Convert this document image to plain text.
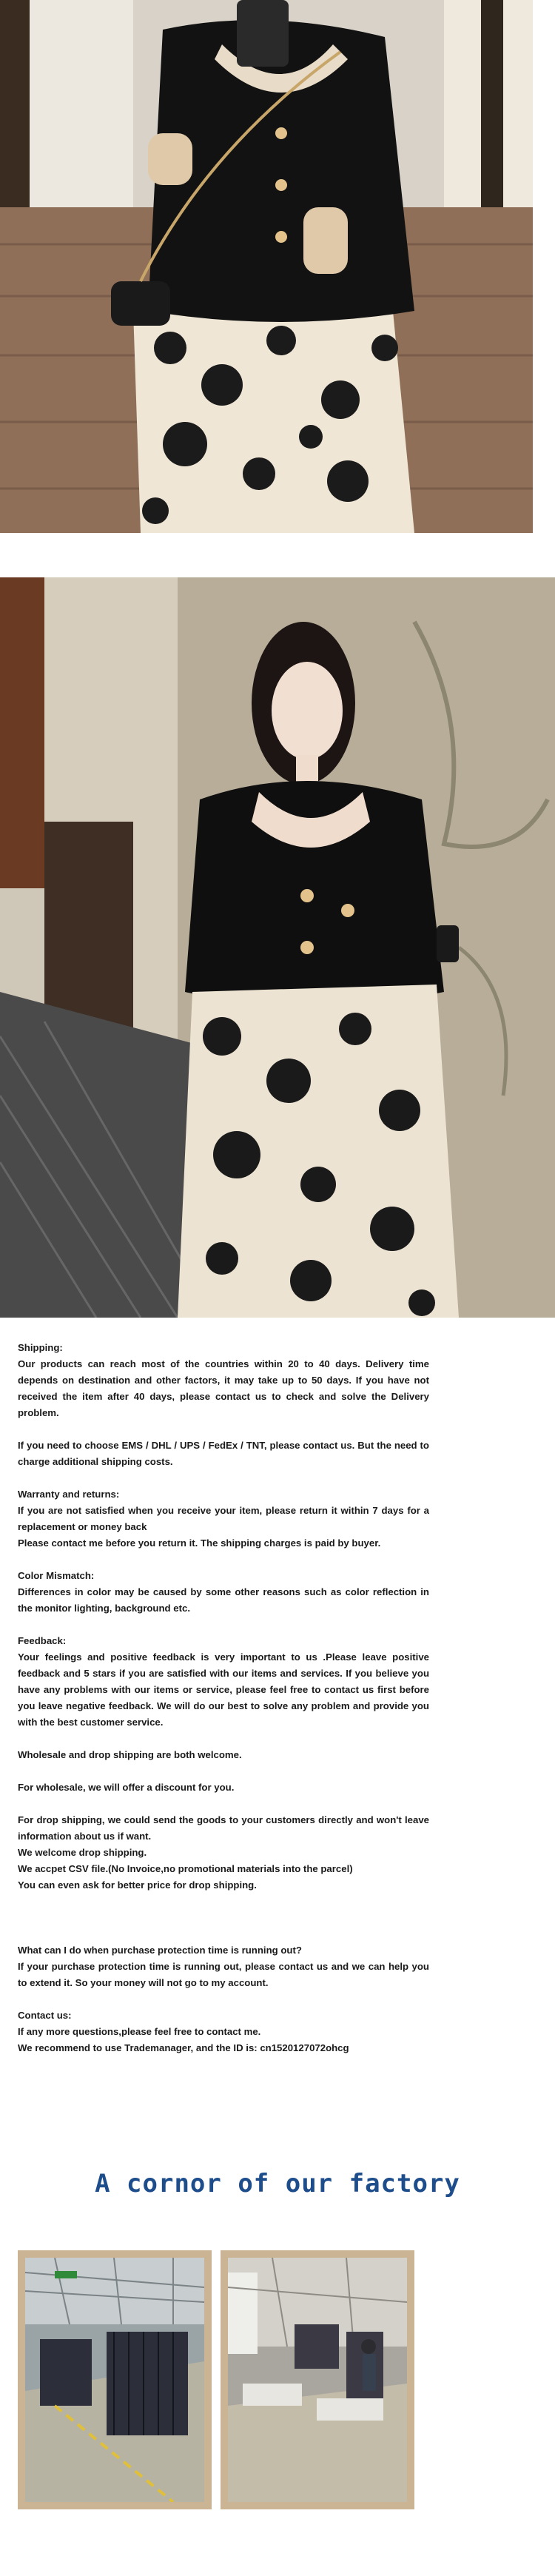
Shipping:

Our products can reach most of the countries within 20 to 40 days. Delivery time depends on destination and other factors, it may take up to 50 days. If you have not received the item after 40 days, please contact us to check and solve the Delivery problem.

If you need to choose EMS / DHL / UPS / FedEx / TNT, please contact us. But the need to charge additional shipping costs.

Warranty and returns:

If you are not satisfied when you receive your item, please return it within 7 days for a replacement or money back

Please contact me before you return it. The shipping charges is paid by buyer.

Color Mismatch:

Differences in color may be caused by some other reasons such as color reflection in the monitor lighting, background etc.

Feedback:

Your feelings and positive feedback is very important to us .Please leave positive feedback and 5 stars if you are satisfied with our items and services. If you believe you have any problems with our items or service, please feel free to contact us first before you leave negative feedback. We will do our best to solve any problem and provide you with the best customer service.

Wholesale and drop shipping are both welcome.

For wholesale, we will offer a discount for you.

For drop shipping, we could send the goods to your customers directly and won't leave information about us if want.

We welcome drop shipping.

We accpet CSV file.(No Invoice,no promotional materials into the parcel)

You can even ask for better price for drop shipping.

What can I do when purchase protection time is running out?

If your purchase protection time is running out, please contact us and we can help you to extend it. So your money will not go to my account.

Contact us:

If any more questions,please feel free to contact me.

We recommend to use Trademanager, and the ID is: cn1520127072ohcg

A cornor of our factory
